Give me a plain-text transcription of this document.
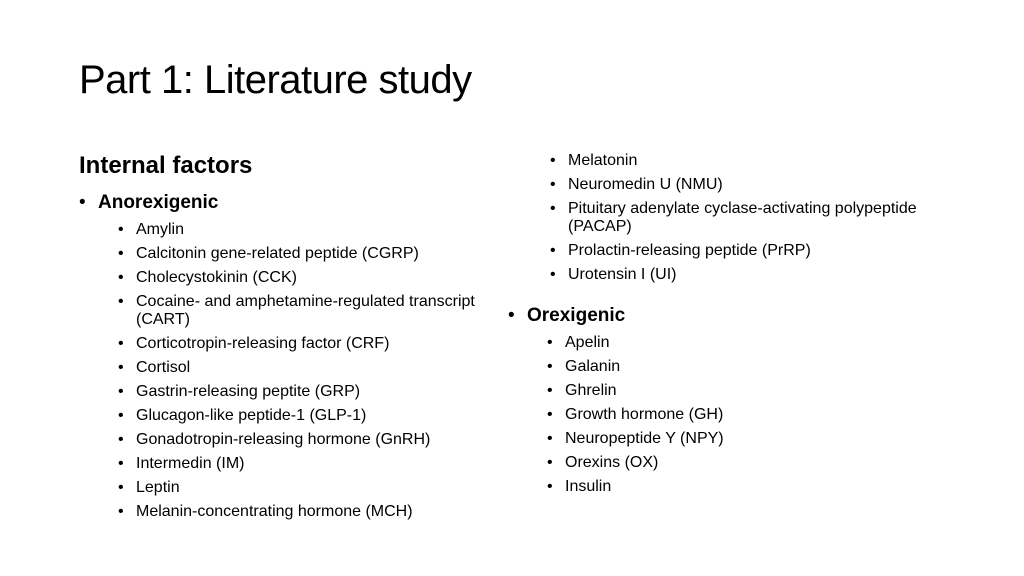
Part 1: Literature study
Internal factors
• Anorexigenic
• Amylin
• Calcitonin gene-related peptide (CGRP)
• Cholecystokinin (CCK)
• Cocaine- and amphetamine-regulated transcript (CART)
• Corticotropin-releasing factor (CRF)
• Cortisol
• Gastrin-releasing peptite (GRP)
• Glucagon-like peptide-1 (GLP-1)
• Gonadotropin-releasing hormone (GnRH)
• Intermedin (IM)
• Leptin
• Melanin-concentrating hormone (MCH)
• Melatonin
• Neuromedin U (NMU)
• Pituitary adenylate cyclase-activating polypeptide (PACAP)
• Prolactin-releasing peptide (PrRP)
• Urotensin I (UI)
• Orexigenic
• Apelin
• Galanin
• Ghrelin
• Growth hormone (GH)
• Neuropeptide Y (NPY)
• Orexins (OX)
• Insulin
